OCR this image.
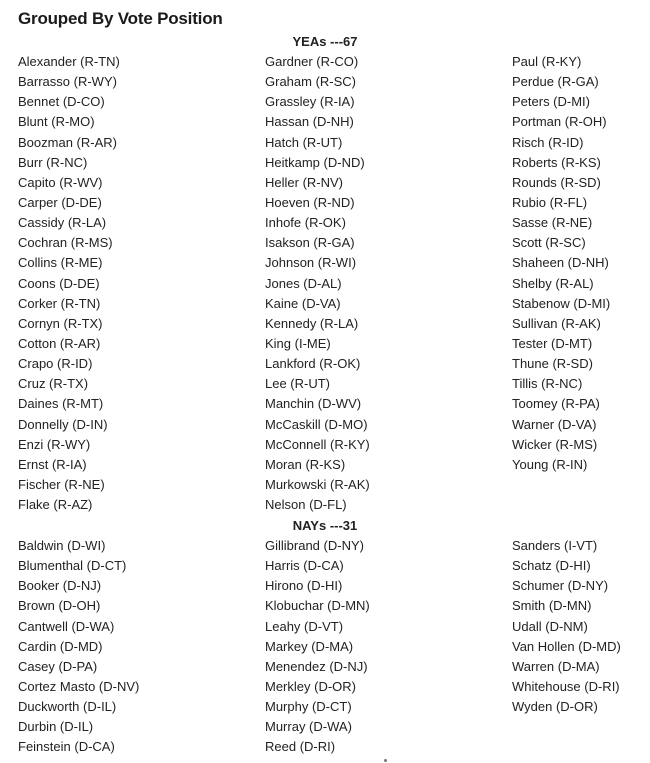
Grouped By Vote Position
YEAs ---67
Alexander (R-TN)
Barrasso (R-WY)
Bennet (D-CO)
Blunt (R-MO)
Boozman (R-AR)
Burr (R-NC)
Capito (R-WV)
Carper (D-DE)
Cassidy (R-LA)
Cochran (R-MS)
Collins (R-ME)
Coons (D-DE)
Corker (R-TN)
Cornyn (R-TX)
Cotton (R-AR)
Crapo (R-ID)
Cruz (R-TX)
Daines (R-MT)
Donnelly (D-IN)
Enzi (R-WY)
Ernst (R-IA)
Fischer (R-NE)
Flake (R-AZ)
Gardner (R-CO)
Graham (R-SC)
Grassley (R-IA)
Hassan (D-NH)
Hatch (R-UT)
Heitkamp (D-ND)
Heller (R-NV)
Hoeven (R-ND)
Inhofe (R-OK)
Isakson (R-GA)
Johnson (R-WI)
Jones (D-AL)
Kaine (D-VA)
Kennedy (R-LA)
King (I-ME)
Lankford (R-OK)
Lee (R-UT)
Manchin (D-WV)
McCaskill (D-MO)
McConnell (R-KY)
Moran (R-KS)
Murkowski (R-AK)
Nelson (D-FL)
Paul (R-KY)
Perdue (R-GA)
Peters (D-MI)
Portman (R-OH)
Risch (R-ID)
Roberts (R-KS)
Rounds (R-SD)
Rubio (R-FL)
Sasse (R-NE)
Scott (R-SC)
Shaheen (D-NH)
Shelby (R-AL)
Stabenow (D-MI)
Sullivan (R-AK)
Tester (D-MT)
Thune (R-SD)
Tillis (R-NC)
Toomey (R-PA)
Warner (D-VA)
Wicker (R-MS)
Young (R-IN)
NAYs ---31
Baldwin (D-WI)
Blumenthal (D-CT)
Booker (D-NJ)
Brown (D-OH)
Cantwell (D-WA)
Cardin (D-MD)
Casey (D-PA)
Cortez Masto (D-NV)
Duckworth (D-IL)
Durbin (D-IL)
Feinstein (D-CA)
Gillibrand (D-NY)
Harris (D-CA)
Hirono (D-HI)
Klobuchar (D-MN)
Leahy (D-VT)
Markey (D-MA)
Menendez (D-NJ)
Merkley (D-OR)
Murphy (D-CT)
Murray (D-WA)
Reed (D-RI)
Sanders (I-VT)
Schatz (D-HI)
Schumer (D-NY)
Smith (D-MN)
Udall (D-NM)
Van Hollen (D-MD)
Warren (D-MA)
Whitehouse (D-RI)
Wyden (D-OR)
